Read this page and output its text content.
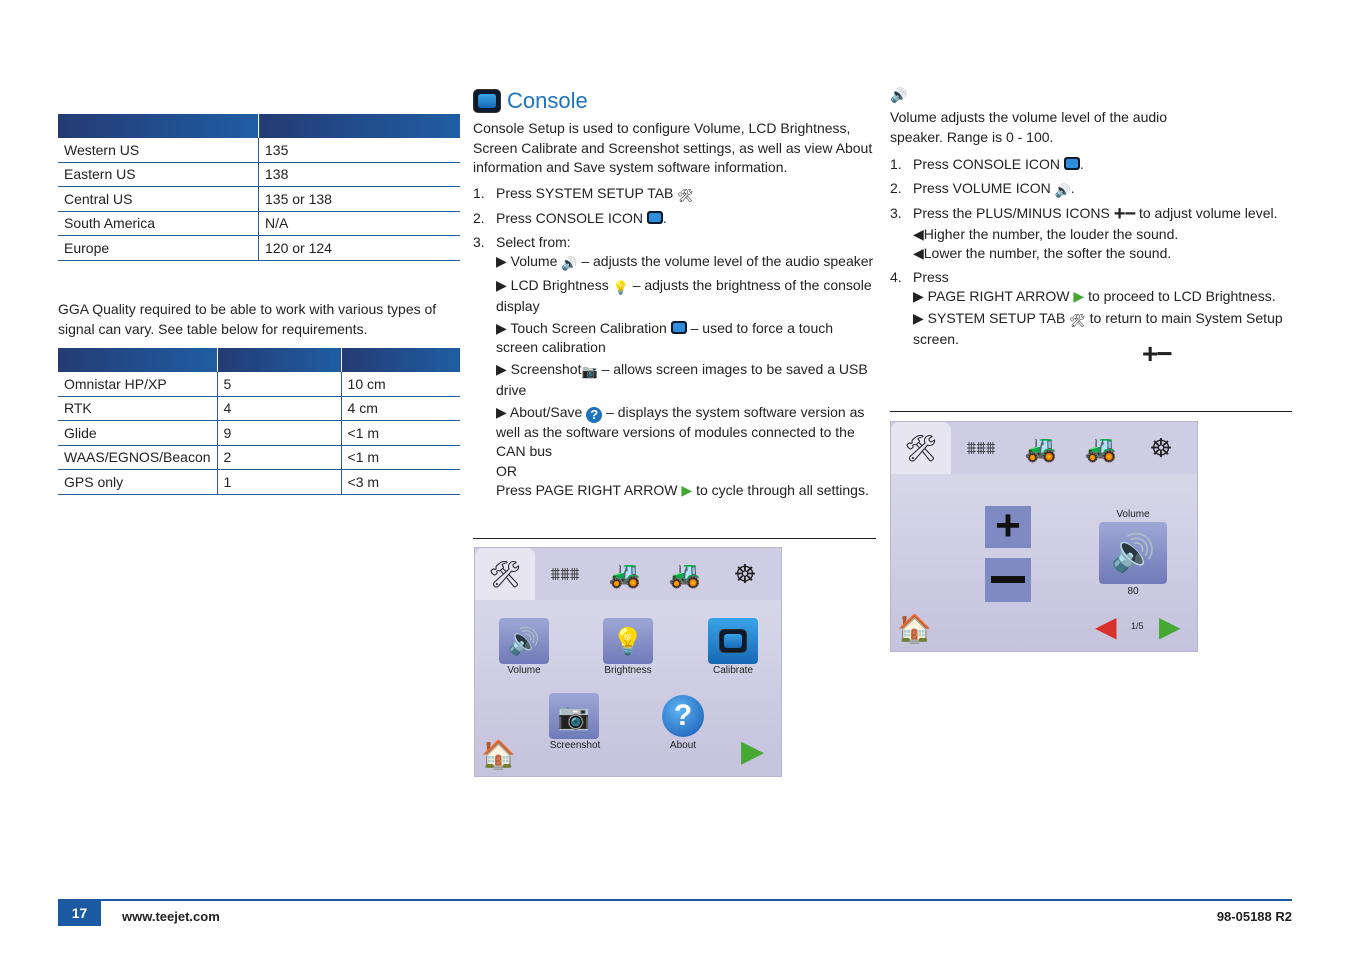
Western US	135
Eastern US	138
Central US	135 or 138
South America	N/A
Europe	120 or 124
GGA Quality required to be able to work with various types of signal can vary. See table below for requirements.

Omnistar HP/XP	5	10 cm
RTK	4	4 cm
Glide	9	<1 m
WAAS/EGNOS/Beacon	2	<1 m
GPS only	1	<3 m
Console
Console Setup is used to configure Volume, LCD Brightness, Screen Calibrate and Screenshot settings, as well as view About information and Save system software information.
1. Press SYSTEM SETUP TAB 🛠
2. Press CONSOLE ICON .
3. Select from:
▶ Volume 🔊 – adjusts the volume level of the audio speaker
▶ LCD Brightness 💡 – adjusts the brightness of the console display
▶ Touch Screen Calibration – used to force a touch screen calibration
▶ Screenshot📷 – allows screen images to be saved a USB drive
▶ About/Save ? – displays the system software version as well as the software versions of modules connected to the CAN bus
OR
Press PAGE RIGHT ARROW ▶ to cycle through all settings.
🛠 ⩩⩩⩩ 🚜 🚜 ☸
🔊
Volume
💡
Brightness	Calibrate
📷
Screenshot
?
About
🏠	▶
🔊
Volume adjusts the volume level of the audio speaker. Range is 0 - 100.
1. Press CONSOLE ICON .
2. Press VOLUME ICON 🔊.
3. Press the PLUS/MINUS ICONS +− to adjust volume level.
◀Higher the number, the louder the sound.
◀Lower the number, the softer the sound.
4. Press
▶ PAGE RIGHT ARROW ▶ to proceed to LCD Brightness.
▶ SYSTEM SETUP TAB 🛠 to return to main System Setup screen.	+−
🛠 ⩩⩩⩩ 🚜 🚜 ☸
+	Volume
🔊
80
🏠	◀ 1/5 ▶
17	www.teejet.com	98-05188 R2
